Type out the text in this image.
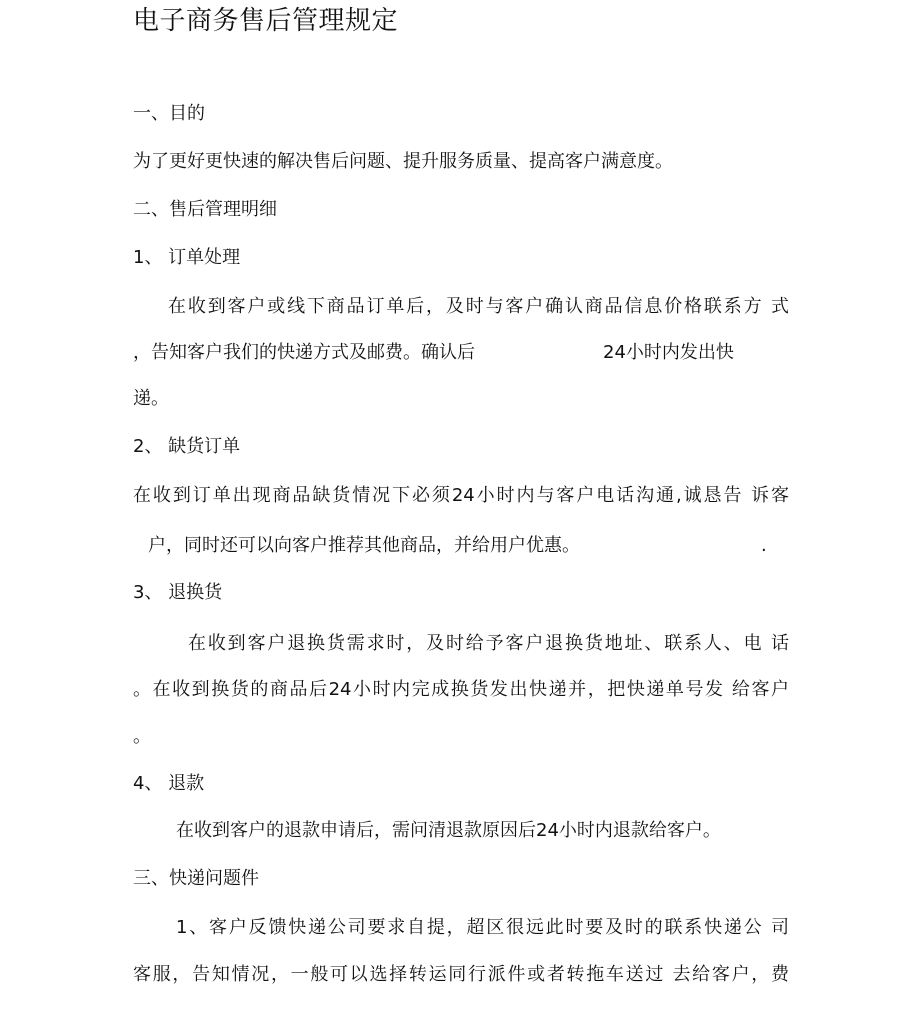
电子商务售后管理规定
一、目的
为了更好更快速的解决售后问题、提升服务质量、提高客户满意度。
二、售后管理明细
1、 订单处理
在收到客户或线下商品订单后，及时与客户确认商品信息价格联系方 式
，告知客户我们的快递方式及邮费。确认后	24小时内发出快
递。
2、 缺货订单
在收到订单出现商品缺货情况下必须24小时内与客户电话沟通,诚恳告 诉客
户，同时还可以向客户推荐其他商品，并给用户优惠。	.
3、 退换货
在收到客户退换货需求时，及时给予客户退换货地址、联系人、电 话
。在收到换货的商品后24小时内完成换货发出快递并，把快递单号发 给客户
。
4、 退款
在收到客户的退款申请后，需问清退款原因后24小时内退款给客户。
三、快递问题件
1、客户反馈快递公司要求自提，超区很远此时要及时的联系快递公 司
客服，告知情况，一般可以选择转运同行派件或者转拖车送过 去给客户，费
